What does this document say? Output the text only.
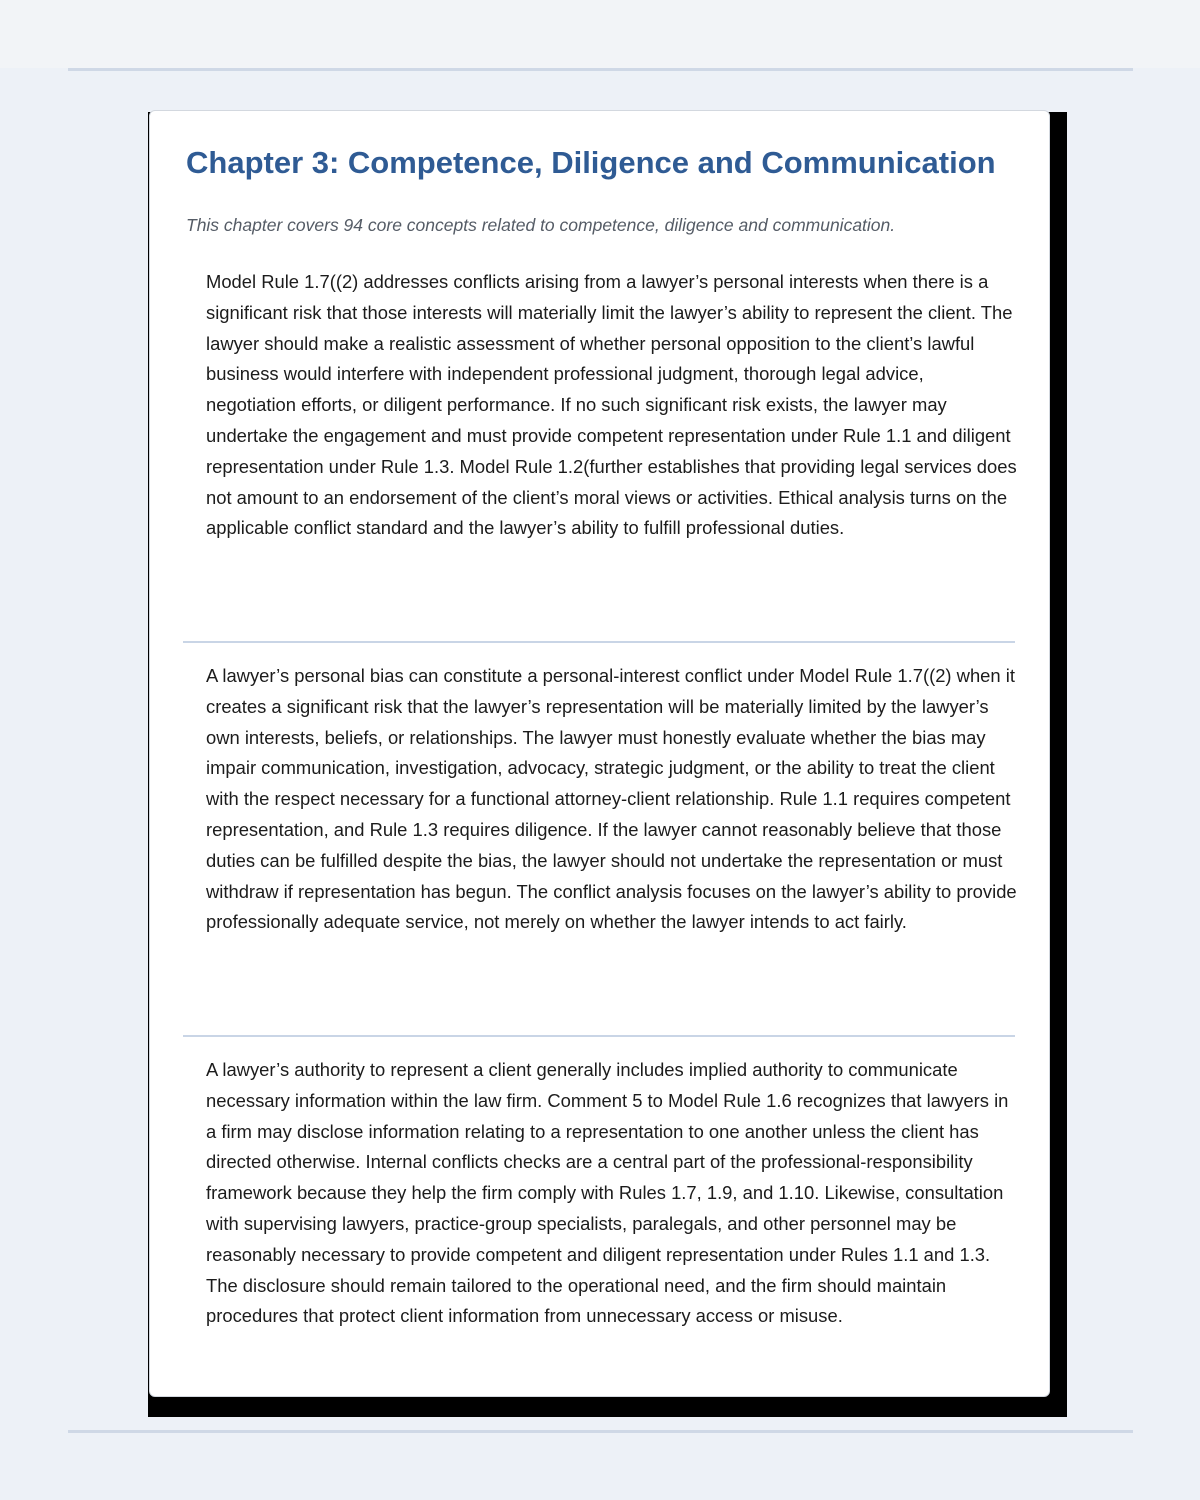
Chapter 3: Competence, Diligence and Communication

This chapter covers 94 core concepts related to competence, diligence and communication.

Model Rule 1.7((2) addresses conflicts arising from a lawyer’s personal interests when there is a significant risk that those interests will materially limit the lawyer’s ability to represent the client. The lawyer should make a realistic assessment of whether personal opposition to the client’s lawful business would interfere with independent professional judgment, thorough legal advice, negotiation efforts, or diligent performance. If no such significant risk exists, the lawyer may undertake the engagement and must provide competent representation under Rule 1.1 and diligent representation under Rule 1.3. Model Rule 1.2(further establishes that providing legal services does not amount to an endorsement of the client’s moral views or activities. Ethical analysis turns on the applicable conflict standard and the lawyer’s ability to fulfill professional duties.

A lawyer’s personal bias can constitute a personal-interest conflict under Model Rule 1.7((2) when it creates a significant risk that the lawyer’s representation will be materially limited by the lawyer’s own interests, beliefs, or relationships. The lawyer must honestly evaluate whether the bias may impair communication, investigation, advocacy, strategic judgment, or the ability to treat the client with the respect necessary for a functional attorney-client relationship. Rule 1.1 requires competent representation, and Rule 1.3 requires diligence. If the lawyer cannot reasonably believe that those duties can be fulfilled despite the bias, the lawyer should not undertake the representation or must withdraw if representation has begun. The conflict analysis focuses on the lawyer’s ability to provide professionally adequate service, not merely on whether the lawyer intends to act fairly.

A lawyer’s authority to represent a client generally includes implied authority to communicate necessary information within the law firm. Comment 5 to Model Rule 1.6 recognizes that lawyers in a firm may disclose information relating to a representation to one another unless the client has directed otherwise. Internal conflicts checks are a central part of the professional-responsibility framework because they help the firm comply with Rules 1.7, 1.9, and 1.10. Likewise, consultation with supervising lawyers, practice-group specialists, paralegals, and other personnel may be reasonably necessary to provide competent and diligent representation under Rules 1.1 and 1.3. The disclosure should remain tailored to the operational need, and the firm should maintain procedures that protect client information from unnecessary access or misuse.
